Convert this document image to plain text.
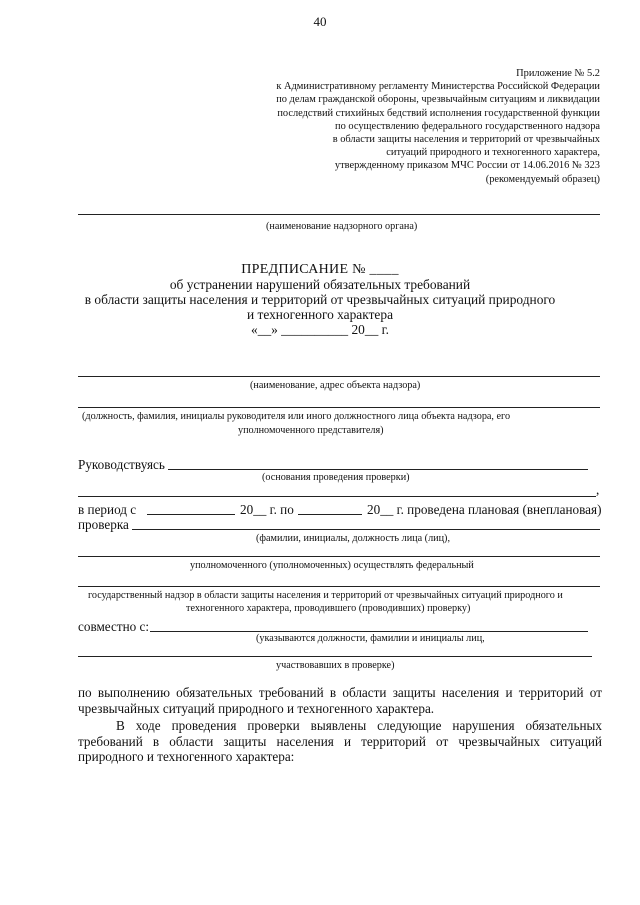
40
Приложение № 5.2
к Административному регламенту Министерства Российской Федерации
по делам гражданской обороны, чрезвычайным ситуациям и ликвидации
последствий стихийных бедствий исполнения государственной функции
по осуществлению федерального государственного надзора
в области защиты населения и территорий от чрезвычайных
ситуаций природного и техногенного характера,
утвержденному приказом МЧС России от 14.06.2016 № 323
(рекомендуемый образец)
(наименование надзорного органа)
ПРЕДПИСАНИЕ № ____
об устранении нарушений обязательных требований
в области защиты населения и территорий от чрезвычайных ситуаций природного
и техногенного характера
«__» __________ 20__ г.
(наименование, адрес объекта надзора)
(должность, фамилия, инициалы руководителя или иного должностного лица объекта надзора, его
уполномоченного представителя)
Руководствуясь
(основания проведения проверки)
,
в период с	20__ г. по	20__ г. проведена плановая (внеплановая)
проверка
(фамилии, инициалы, должность лица (лиц),
уполномоченного (уполномоченных) осуществлять федеральный
государственный надзор в области защиты населения и территорий от чрезвычайных ситуаций природного и
техногенного характера, проводившего (проводивших) проверку)
совместно с:
(указываются должности, фамилии и инициалы лиц,
участвовавших в проверке)

по выполнению обязательных требований в области защиты населения и территорий от чрезвычайных ситуаций природного и техногенного характера.

В ходе проведения проверки выявлены следующие нарушения обязательных требований в области защиты населения и территорий от чрезвычайных ситуаций природного и техногенного характера:
